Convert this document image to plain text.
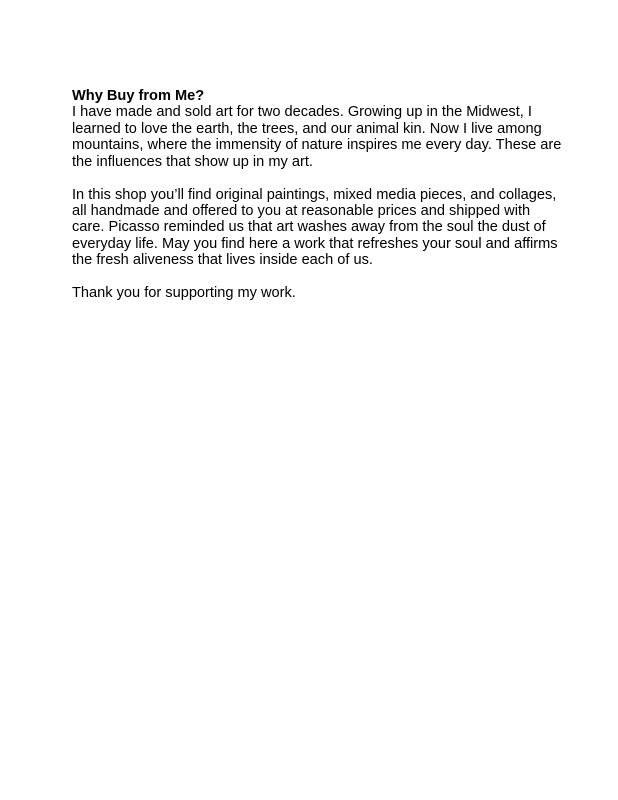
Why Buy from Me?

I have made and sold art for two decades. Growing up in the Midwest, I learned to love the earth, the trees, and our animal kin. Now I live among mountains, where the immensity of nature inspires me every day. These are the influences that show up in my art.

In this shop you’ll find original paintings, mixed media pieces, and collages, all handmade and offered to you at reasonable prices and shipped with care. Picasso reminded us that art washes away from the soul the dust of everyday life. May you find here a work that refreshes your soul and affirms the fresh aliveness that lives inside each of us.

Thank you for supporting my work.
